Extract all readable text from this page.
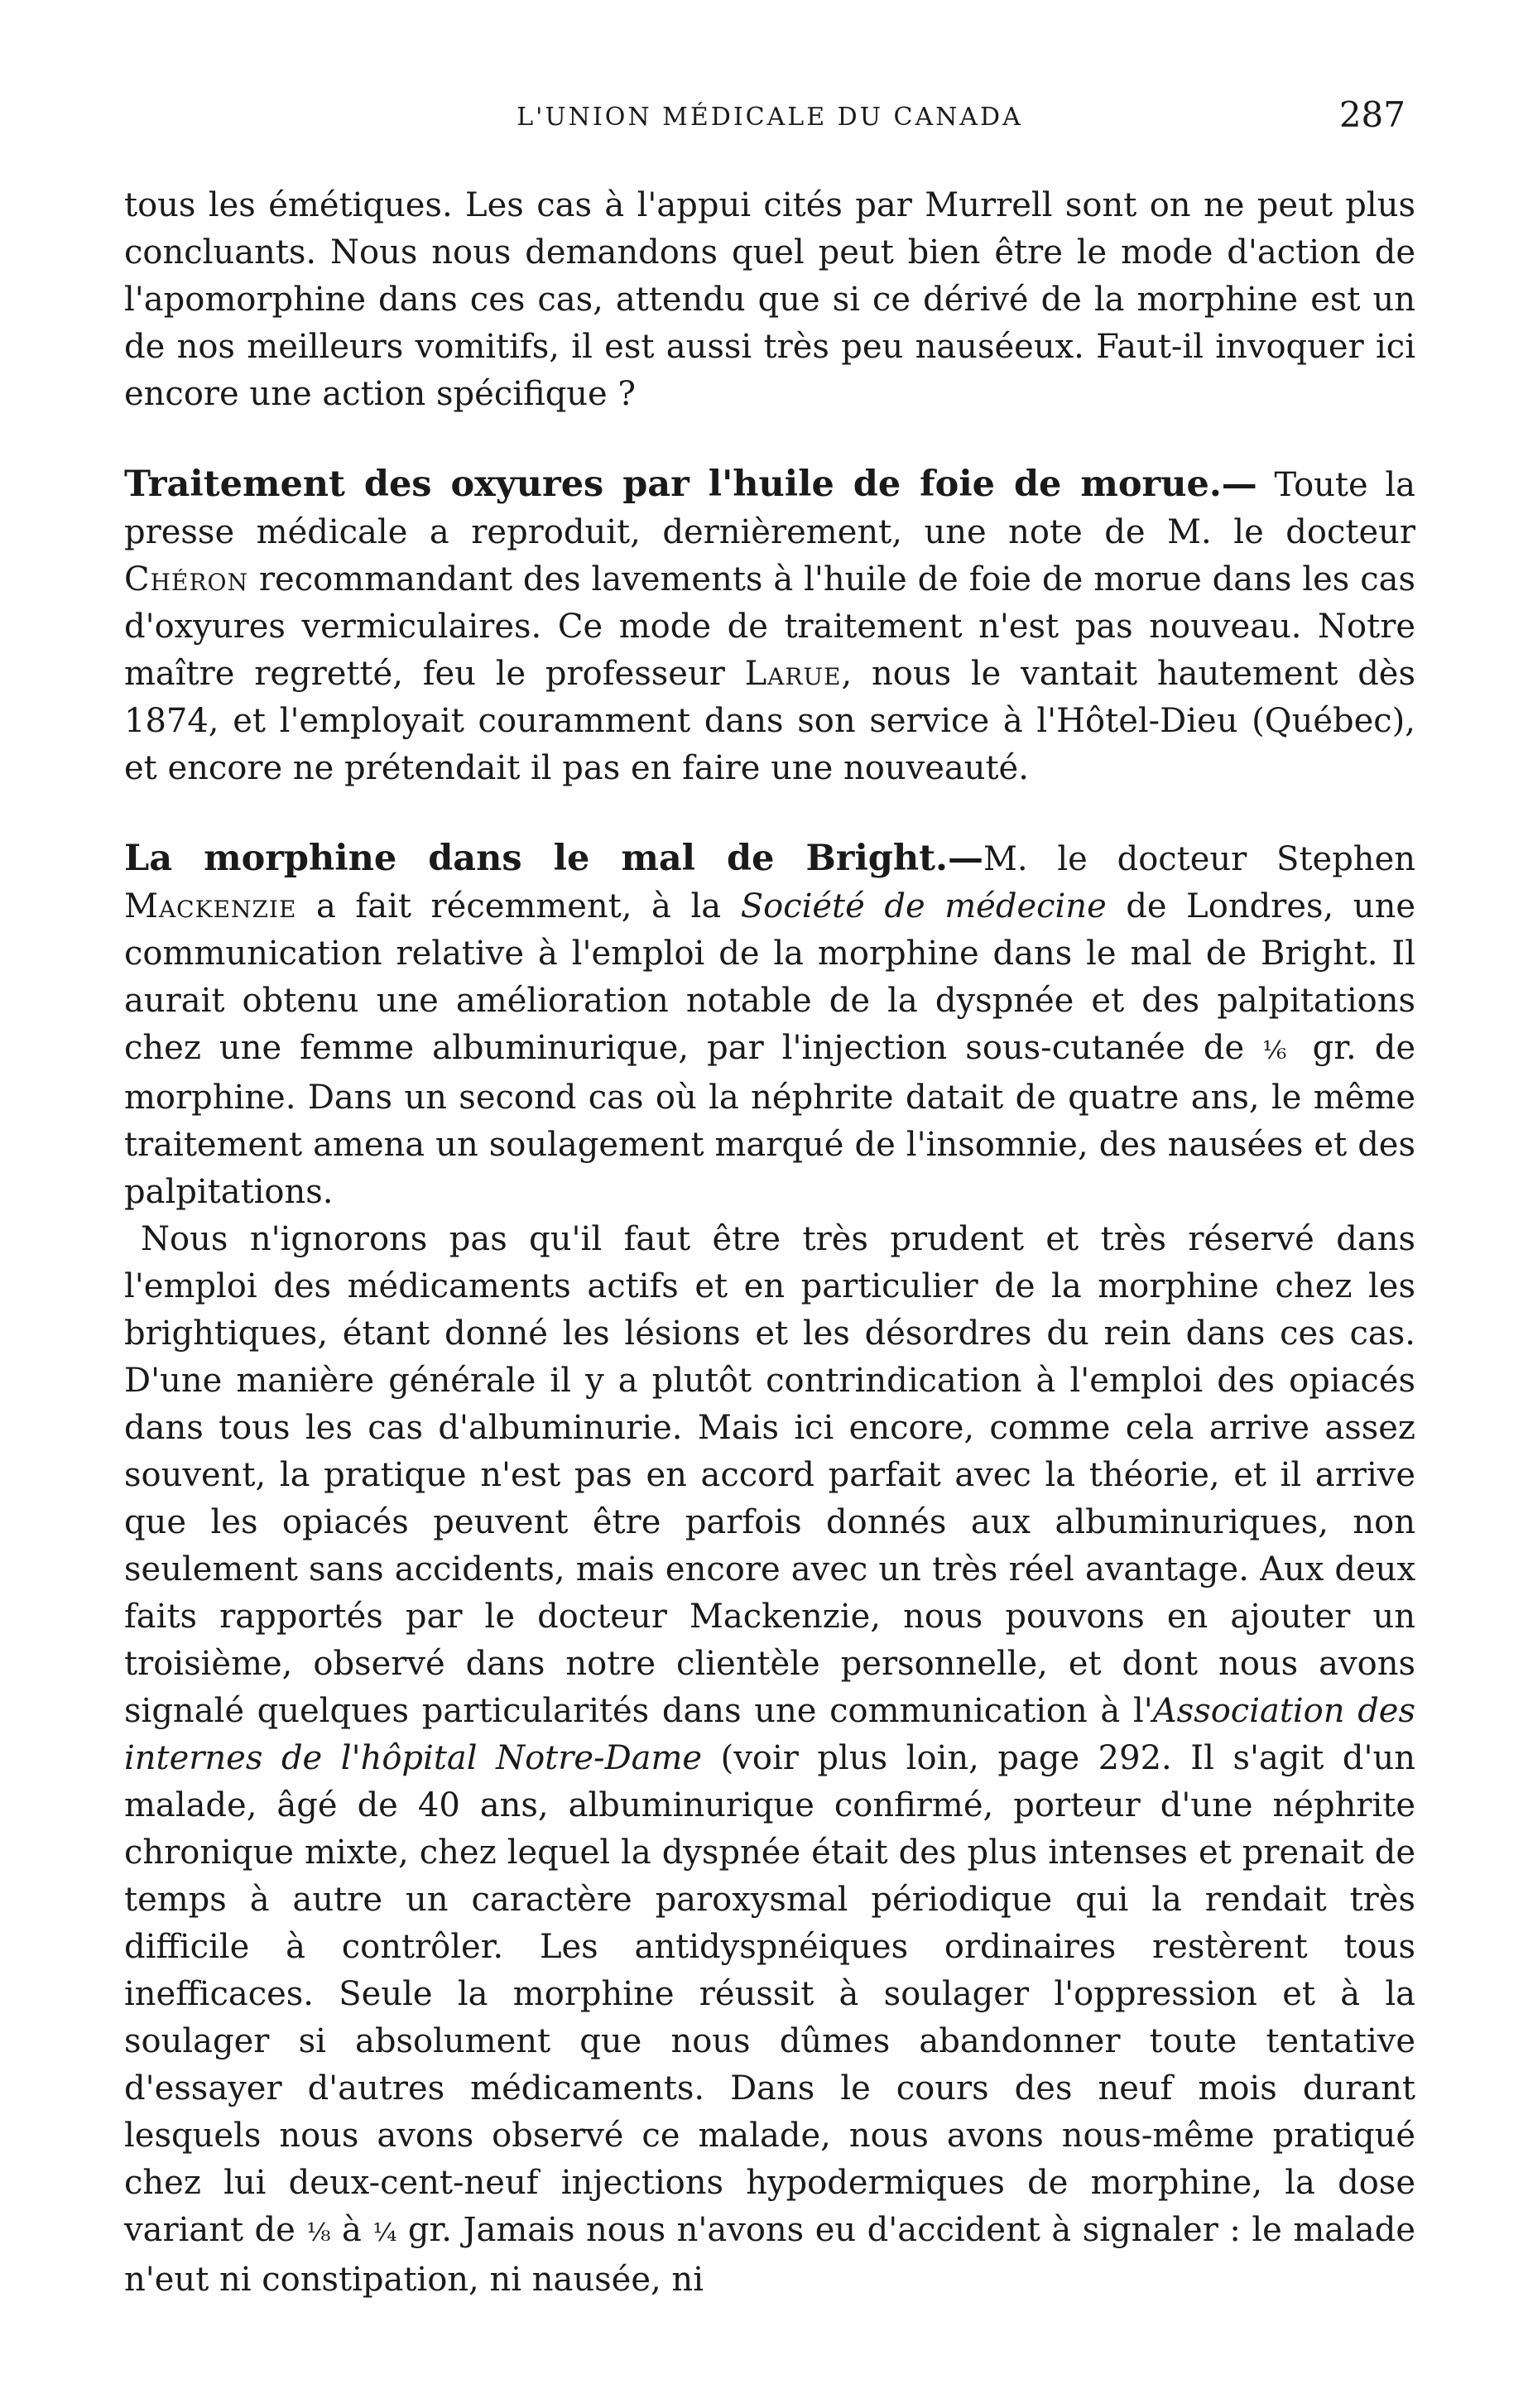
L'UNION MÉDICALE DU CANADA	287

tous les émétiques. Les cas à l'appui cités par Murrell sont on ne peut plus concluants. Nous nous demandons quel peut bien être le mode d'action de l'apomorphine dans ces cas, attendu que si ce dérivé de la morphine est un de nos meilleurs vomitifs, il est aussi très peu nauséeux. Faut-il invoquer ici encore une action spécifique ?

Traitement des oxyures par l'huile de foie de morue.— Toute la presse médicale a reproduit, dernièrement, une note de M. le docteur Chéron recommandant des lavements à l'huile de foie de morue dans les cas d'oxyures vermiculaires. Ce mode de traitement n'est pas nouveau. Notre maître regretté, feu le professeur Larue, nous le vantait hautement dès 1874, et l'employait couramment dans son service à l'Hôtel-Dieu (Québec), et encore ne prétendait il pas en faire une nouveauté.

La morphine dans le mal de Bright.—M. le docteur Stephen Mackenzie a fait récemment, à la Société de médecine de Londres, une communication relative à l'emploi de la morphine dans le mal de Bright. Il aurait obtenu une amélioration notable de la dyspnée et des palpitations chez une femme albuminurique, par l'injection sous-cutanée de ⅙ gr. de morphine. Dans un second cas où la néphrite datait de quatre ans, le même traitement amena un soulagement marqué de l'insomnie, des nausées et des palpitations.

Nous n'ignorons pas qu'il faut être très prudent et très réservé dans l'emploi des médicaments actifs et en particulier de la morphine chez les brightiques, étant donné les lésions et les désordres du rein dans ces cas. D'une manière générale il y a plutôt contrindication à l'emploi des opiacés dans tous les cas d'albuminurie. Mais ici encore, comme cela arrive assez souvent, la pratique n'est pas en accord parfait avec la théorie, et il arrive que les opiacés peuvent être parfois donnés aux albuminuriques, non seulement sans accidents, mais encore avec un très réel avantage. Aux deux faits rapportés par le docteur Mackenzie, nous pouvons en ajouter un troisième, observé dans notre clientèle personnelle, et dont nous avons signalé quelques particularités dans une communication à l'Association des internes de l'hôpital Notre-Dame (voir plus loin, page 292. Il s'agit d'un malade, âgé de 40 ans, albuminurique confirmé, porteur d'une néphrite chronique mixte, chez lequel la dyspnée était des plus intenses et prenait de temps à autre un caractère paroxysmal périodique qui la rendait très difficile à contrôler. Les antidyspnéiques ordinaires restèrent tous inefficaces. Seule la morphine réussit à soulager l'oppression et à la soulager si absolument que nous dûmes abandonner toute tentative d'essayer d'autres médicaments. Dans le cours des neuf mois durant lesquels nous avons observé ce malade, nous avons nous-même pratiqué chez lui deux-cent-neuf injections hypodermiques de morphine, la dose variant de ⅛ à ¼ gr. Jamais nous n'avons eu d'accident à signaler : le malade n'eut ni constipation, ni nausée, ni
